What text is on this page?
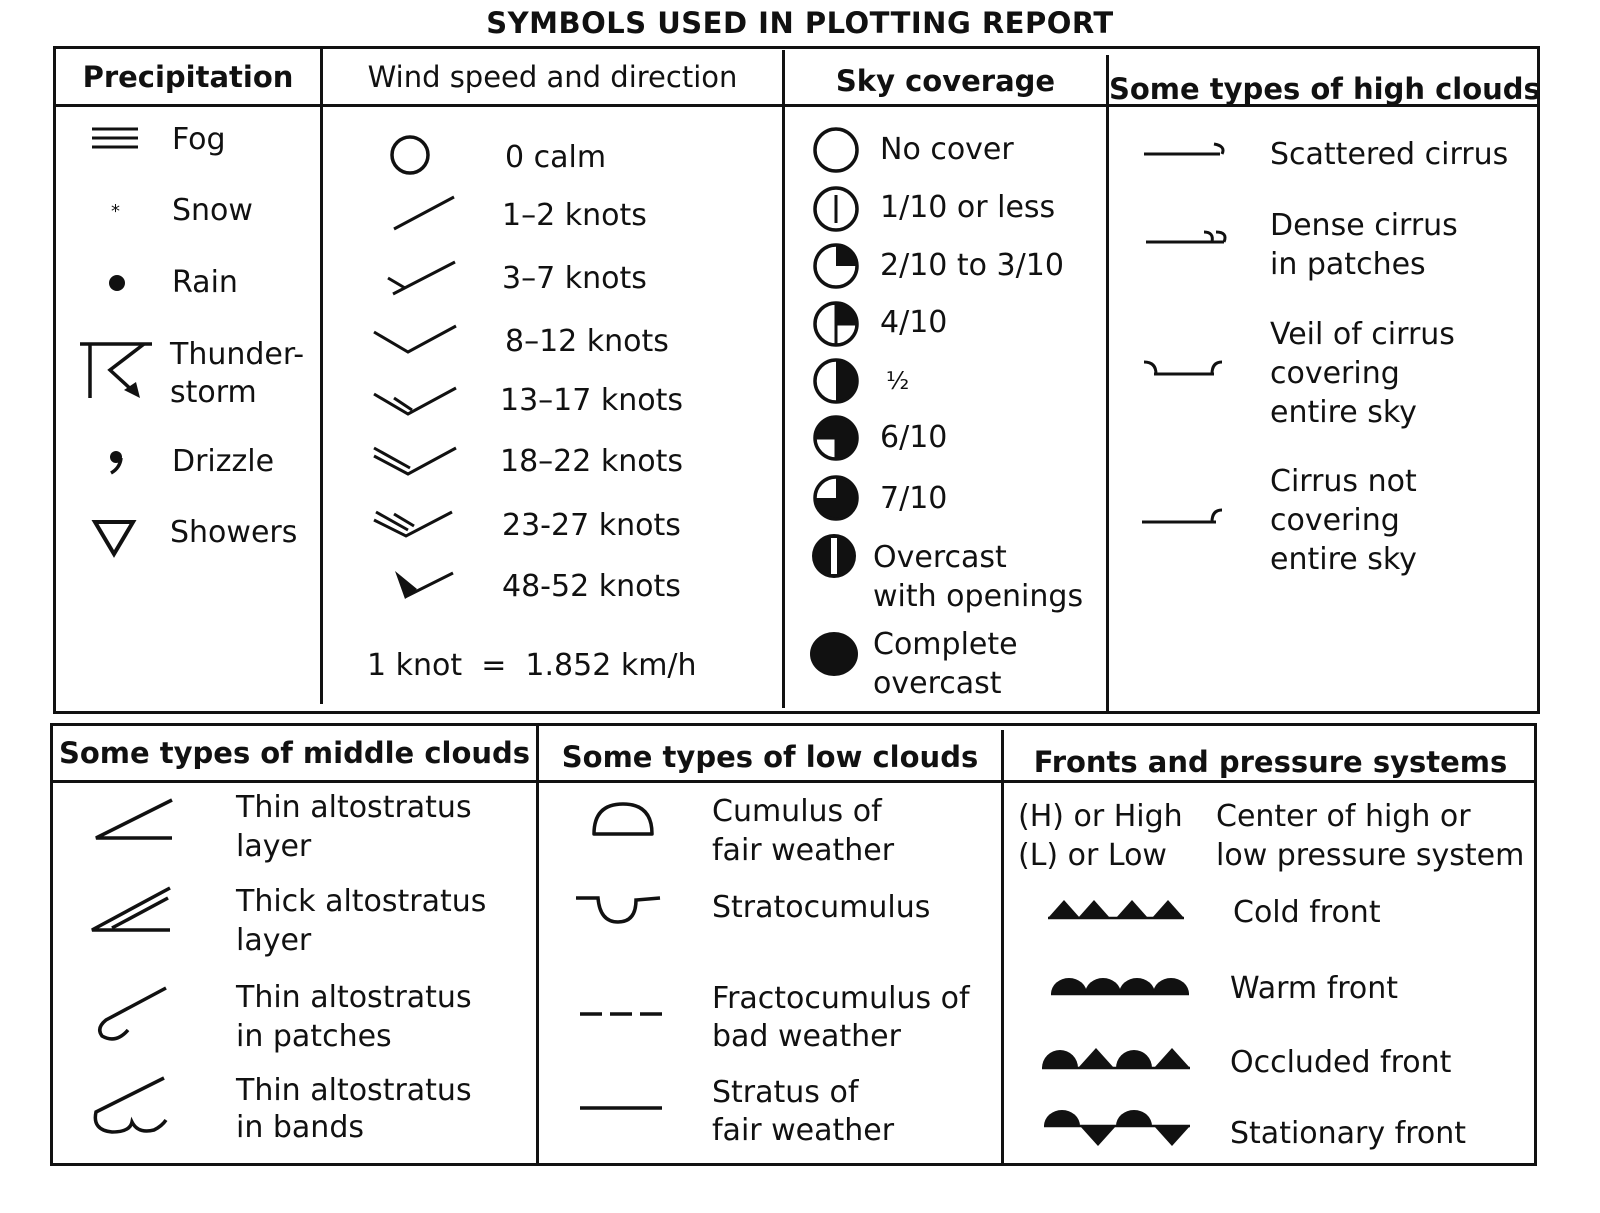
SYMBOLS USED IN PLOTTING REPORT
Precipitation
Fog
* Snow
Rain
Thunder-
storm
Drizzle
Showers
Wind speed and direction
0 calm
1–2 knots
3–7 knots
8–12 knots
13–17 knots
18–22 knots
23-27 knots
48-52 knots
1 knot  =  1.852 km/h
Sky coverage
No cover
1/10 or less
2/10 to 3/10
4/10
½
6/10
7/10
Overcast
with openings
Complete
overcast
Some types of high clouds
Scattered cirrus
Dense cirrus
in patches
Veil of cirrus
covering
entire sky
Cirrus not
covering
entire sky
Some types of middle clouds
Thin altostratus
layer
Thick altostratus
layer
Thin altostratus
in patches
Thin altostratus
in bands
Some types of low clouds
Cumulus of
fair weather
Stratocumulus
Fractocumulus of
bad weather
Stratus of
fair weather
Fronts and pressure systems
(H) or High
(L) or Low
Center of high or
low pressure system
Cold front
Warm front
Occluded front
Stationary front
